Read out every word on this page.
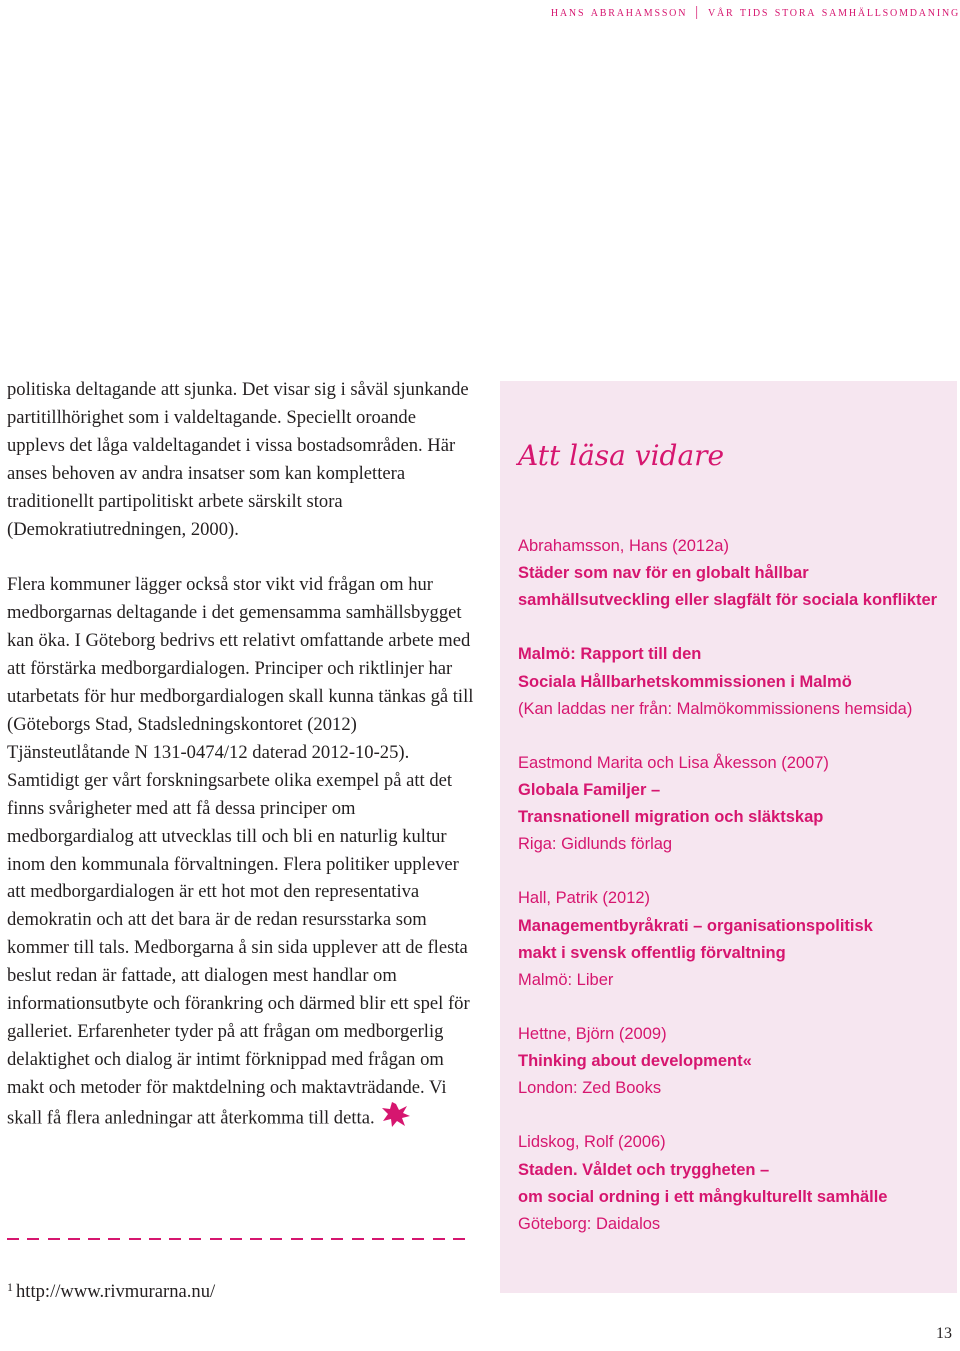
hans abrahamsson | vår tids stora samhällsomdaning

politiska deltagande att sjunka. Det visar sig i såväl sjunkande partitillhörighet som i valdeltagande. Speciellt oroande upplevs det låga valdeltagandet i vissa bostadsområden. Här anses behoven av andra insatser som kan komplettera traditionellt partipolitiskt arbete särskilt stora (Demokratiutredningen, 2000).

Flera kommuner lägger också stor vikt vid frågan om hur medborgarnas deltagande i det gemensamma samhällsbygget kan öka. I Göteborg bedrivs ett relativt omfattande arbete med att förstärka medborgardialogen. Principer och riktlinjer har utarbetats för hur medborgardialogen skall kunna tänkas gå till (Göteborgs Stad, Stadsledningskontoret (2012) Tjänsteutlåtande N 131-0474/12 daterad 2012-10-25). Samtidigt ger vårt forskningsarbete olika exempel på att det finns svårigheter med att få dessa principer om medborgardialog att utvecklas till och bli en naturlig kultur inom den kommunala förvaltningen. Flera politiker upplever att medborgardialogen är ett hot mot den representativa demokratin och att det bara är de redan resursstarka som kommer till tals. Medborgarna å sin sida upplever att de flesta beslut redan är fattade, att dialogen mest handlar om informationsutbyte och förankring och därmed blir ett spel för galleriet. Erfarenheter tyder på att frågan om medborgerlig delaktighet och dialog är intimt förknippad med frågan om makt och metoder för maktdelning och maktavträdande. Vi skall få flera anledningar att återkomma till detta.

$^1$ http://www.rivmurarna.nu/
Att läsa vidare
Abrahamsson, Hans (2012a)
Städer som nav för en globalt hållbar
samhällsutveckling eller slagfält för sociala konflikter
Malmö: Rapport till den
Sociala Hållbarhetskommissionen i Malmö
(Kan laddas ner från: Malmökommissionens hemsida)
Eastmond Marita och Lisa Åkesson (2007)
Globala Familjer –
Transnationell migration och släktskap
Riga: Gidlunds förlag
Hall, Patrik (2012)
Managementbyråkrati – organisationspolitisk
makt i svensk offentlig förvaltning
Malmö: Liber
Hettne, Björn (2009)
Thinking about development«
London: Zed Books
Lidskog, Rolf (2006)
Staden. Våldet och tryggheten –
om social ordning i ett mångkulturellt samhälle
Göteborg: Daidalos
13
